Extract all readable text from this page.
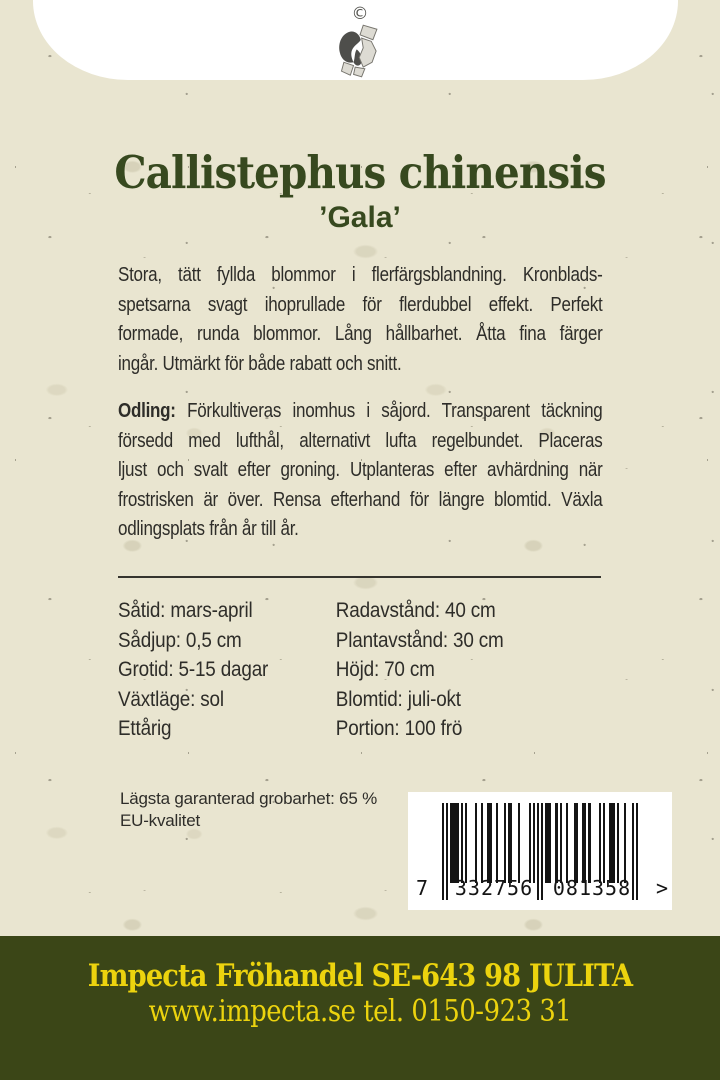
©
Callistephus chinensis
’Gala’
Stora, tätt fyllda blommor i flerfärgsblandning. Kronblads-
spetsarna svagt ihoprullade för flerdubbel effekt. Perfekt
formade, runda blommor. Lång hållbarhet. Åtta fina färger
ingår. Utmärkt för både rabatt och snitt.
Odling: Förkultiveras inomhus i såjord. Transparent täckning
försedd med lufthål, alternativt lufta regelbundet. Placeras
ljust och svalt efter groning. Utplanteras efter avhärdning när
frostrisken är över. Rensa efterhand för längre blomtid. Växla
odlingsplats från år till år.
Såtid: mars-april
Sådjup: 0,5 cm
Grotid: 5-15 dagar
Växtläge: sol
Ettårig
Radavstånd: 40 cm
Plantavstånd: 30 cm
Höjd: 70 cm
Blomtid: juli-okt
Portion: 100 frö
Lägsta garanterad grobarhet: 65 %
EU-kvalitet
7	332756 081358	>

Impecta Fröhandel SE-643 98 JULITA

www.impecta.se tel. 0150-923 31
